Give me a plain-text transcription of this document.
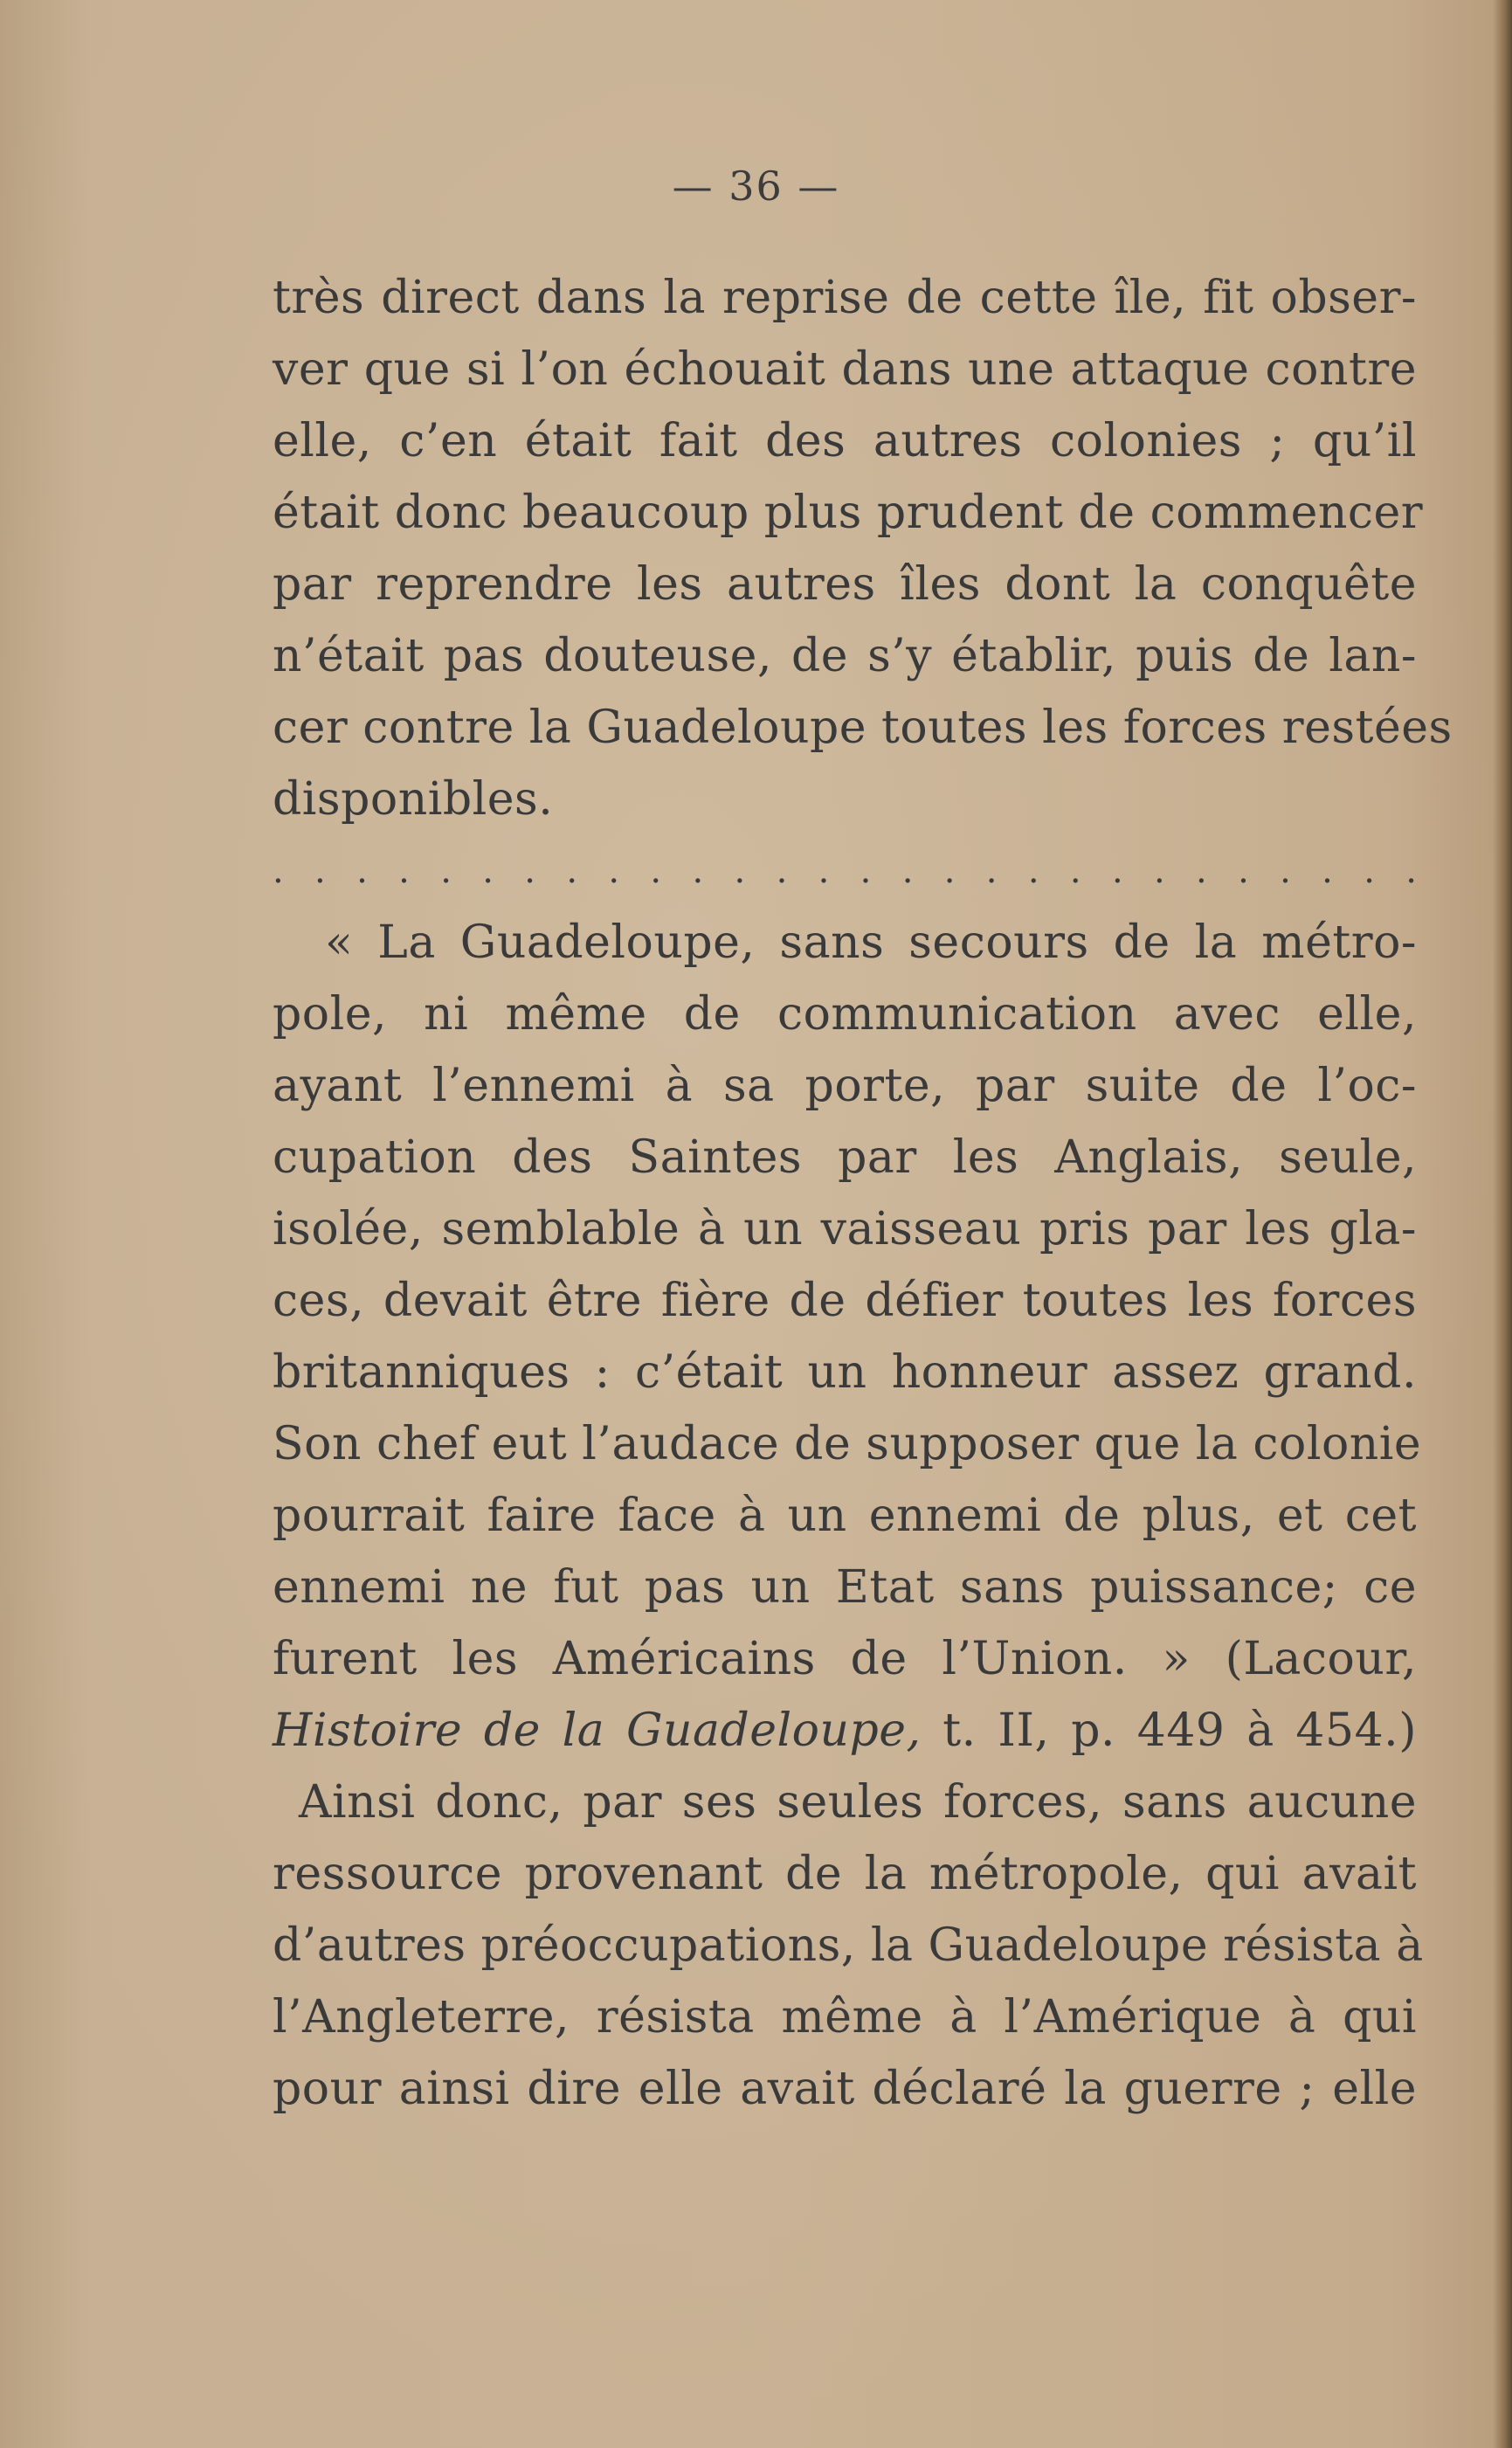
— 36 —
très direct dans la reprise de cette île, fit obser-
ver que si l’on échouait dans une attaque contre
elle, c’en était fait des autres colonies ; qu’il
était donc beaucoup plus prudent de commencer
par reprendre les autres îles dont la conquête
n’était pas douteuse, de s’y établir, puis de lan-
cer contre la Guadeloupe toutes les forces restées
disponibles.
. . . . . . . . . . . . . . . . . . . . . . . . . . . .
« La Guadeloupe, sans secours de la métro-
pole, ni même de communication avec elle,
ayant l’ennemi à sa porte, par suite de l’oc-
cupation des Saintes par les Anglais, seule,
isolée, semblable à un vaisseau pris par les gla-
ces, devait être fière de défier toutes les forces
britanniques : c’était un honneur assez grand.
Son chef eut l’audace de supposer que la colonie
pourrait faire face à un ennemi de plus, et cet
ennemi ne fut pas un Etat sans puissance; ce
furent les Américains de l’Union. » (Lacour,
Histoire de la Guadeloupe, t. II, p. 449 à 454.)
Ainsi donc, par ses seules forces, sans aucune
ressource provenant de la métropole, qui avait
d’autres préoccupations, la Guadeloupe résista à
l’Angleterre, résista même à l’Amérique à qui
pour ainsi dire elle avait déclaré la guerre ; elle
